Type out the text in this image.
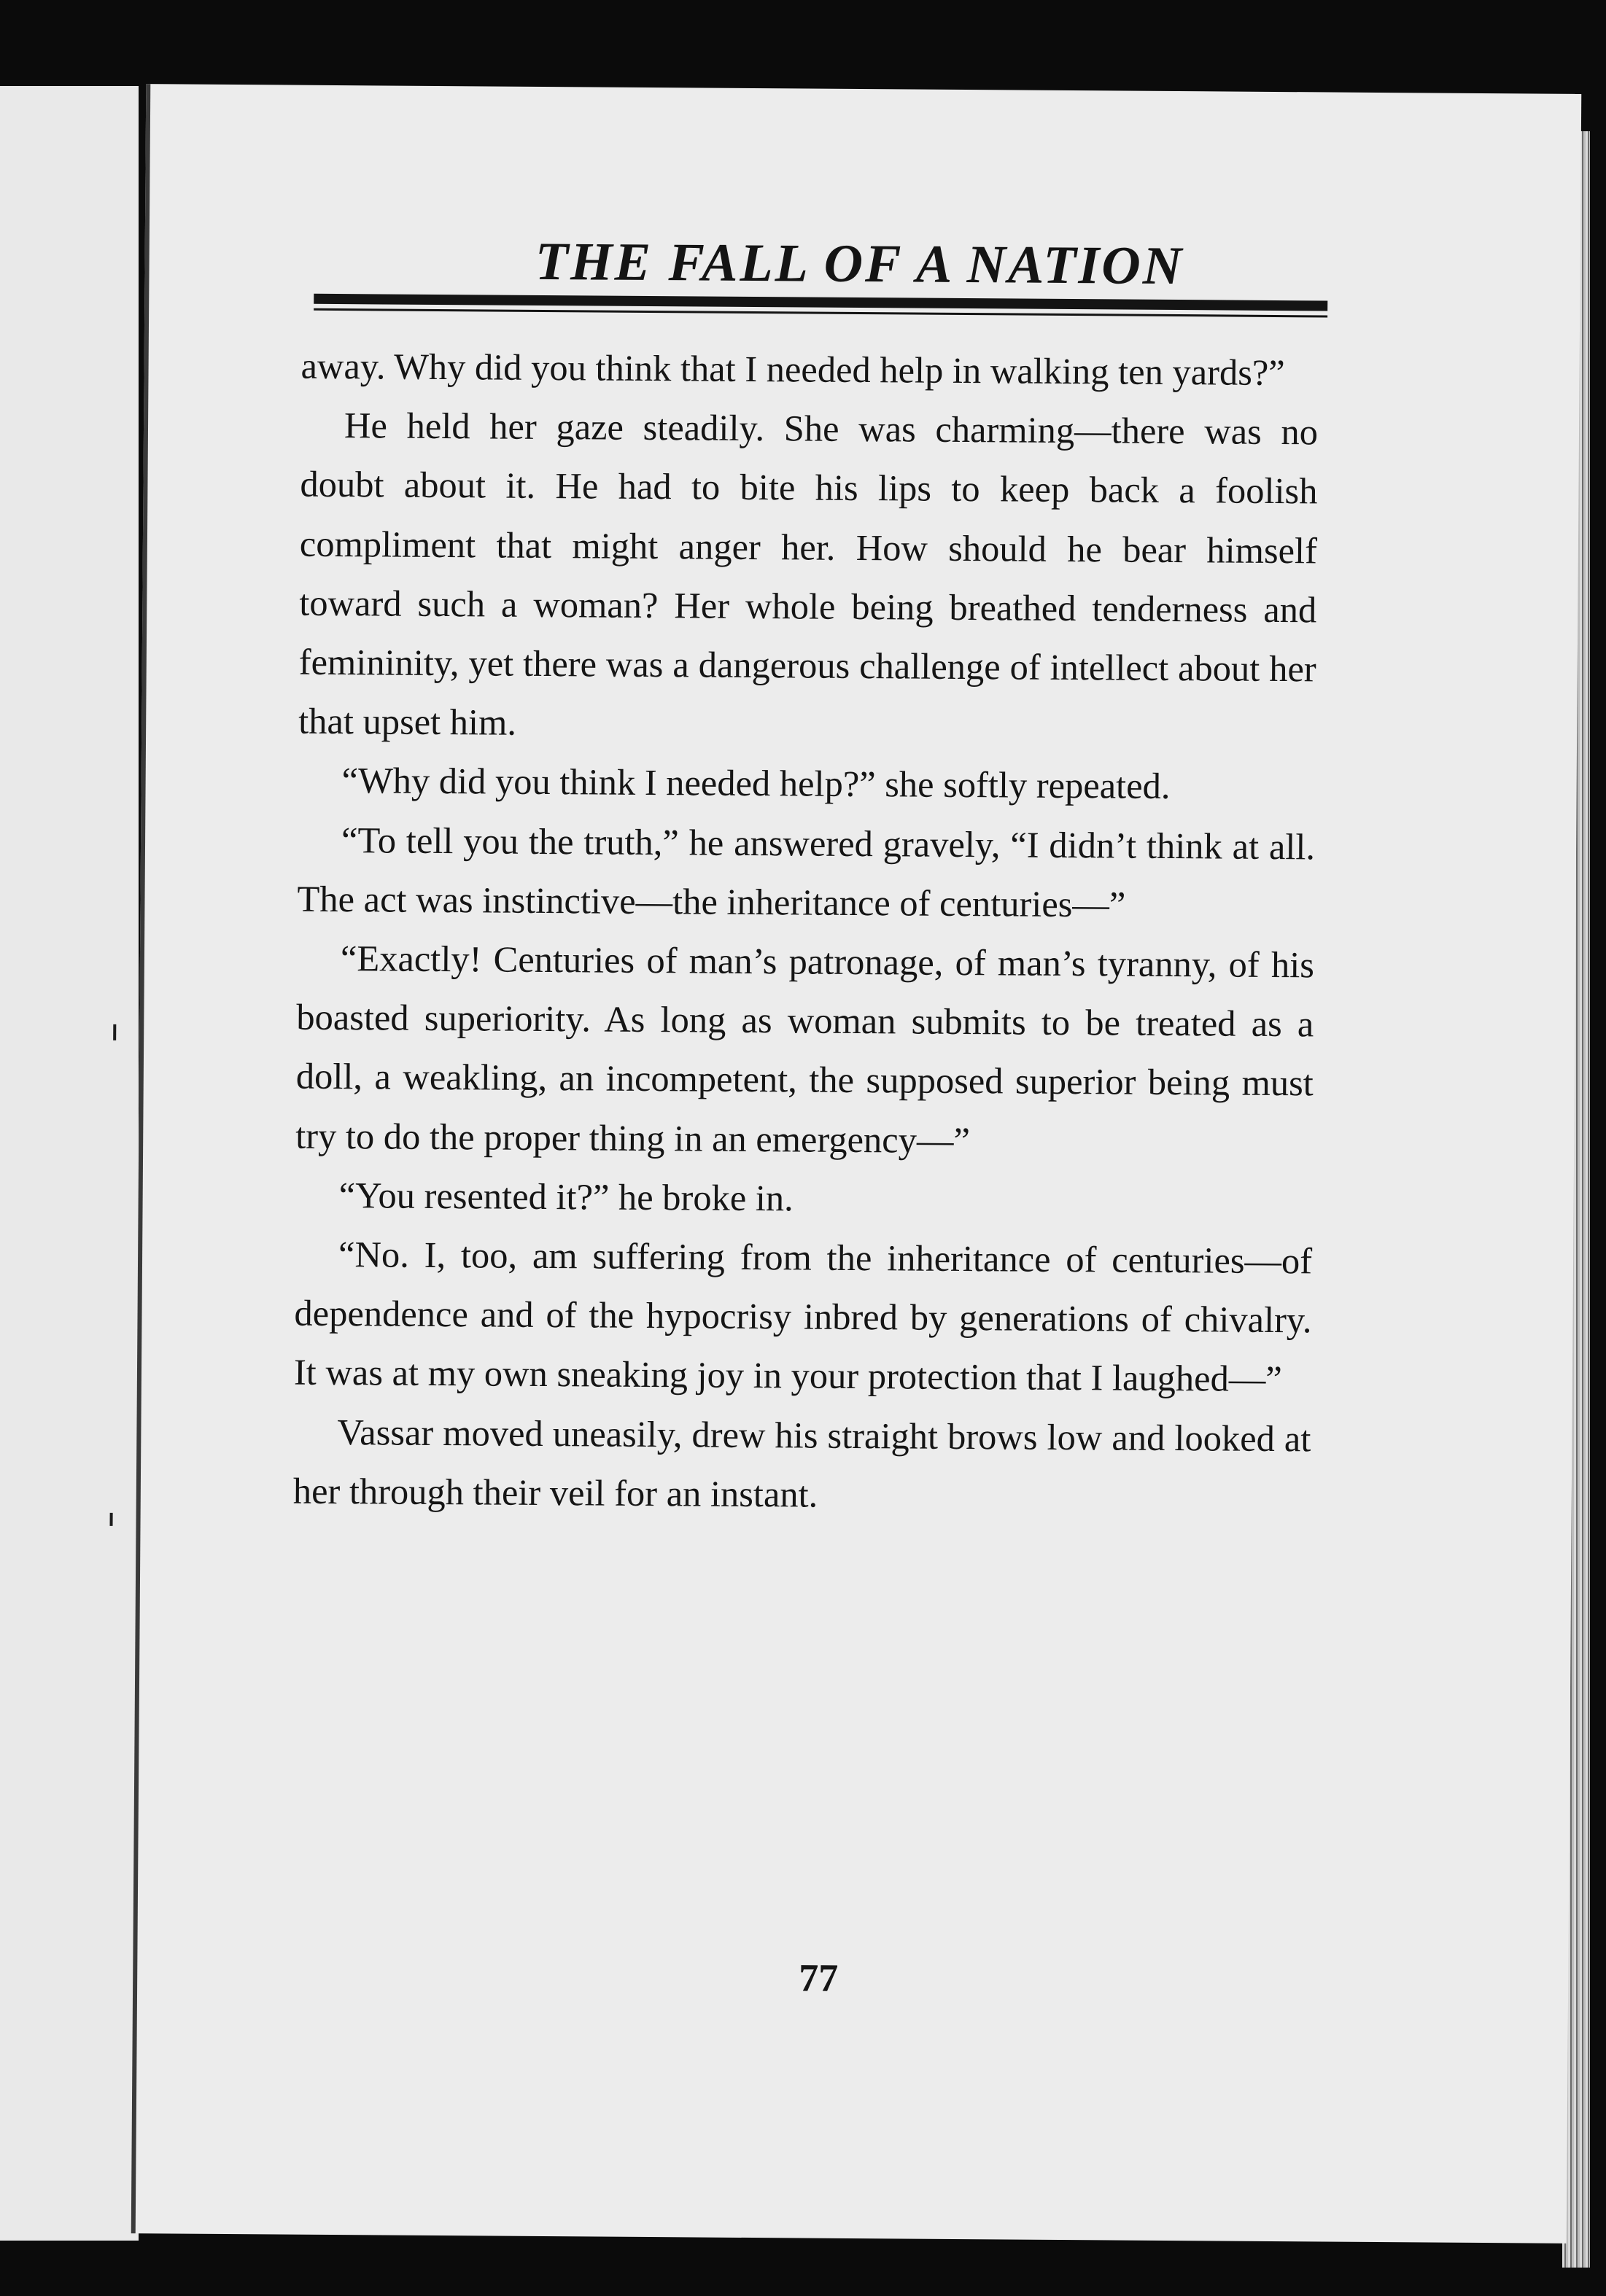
THE FALL OF A NATION

away. Why did you think that I needed help in walking ten yards?”

He held her gaze steadily. She was charming—there was no doubt about it. He had to bite his lips to keep back a foolish compliment that might anger her. How should he bear himself toward such a woman? Her whole being breathed tenderness and femininity, yet there was a dangerous challenge of intellect about her that upset him.

“Why did you think I needed help?” she softly repeated.

“To tell you the truth,” he answered gravely, “I didn’t think at all. The act was instinctive—the inheritance of centuries—”

“Exactly! Centuries of man’s patronage, of man’s tyranny, of his boasted superiority. As long as woman submits to be treated as a doll, a weakling, an incompetent, the supposed superior being must try to do the proper thing in an emergency—”

“You resented it?” he broke in.

“No. I, too, am suffering from the inheritance of centuries—of dependence and of the hypocrisy inbred by generations of chivalry. It was at my own sneaking joy in your protection that I laughed—”

Vassar moved uneasily, drew his straight brows low and looked at her through their veil for an instant.

77
